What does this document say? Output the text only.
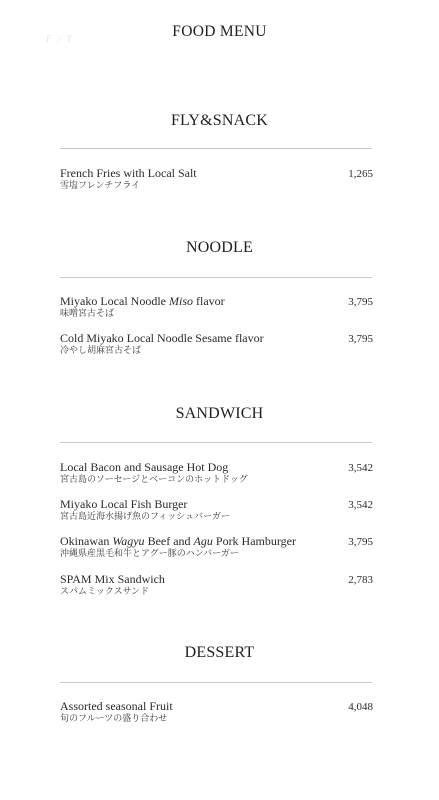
F / T	FOOD MENU
FLY&SNACK
French Fries with Local Salt
雪塩フレンチフライ
1,265
NOODLE
Miyako Local Noodle Miso flavor
味噌宮古そば
3,795
Cold Miyako Local Noodle Sesame flavor
冷やし胡麻宮古そば
3,795
SANDWICH
Local Bacon and Sausage Hot Dog
宮古島のソーセージとベーコンのホットドッグ
3,542
Miyako Local Fish Burger
宮古島近海水揚げ魚のフィッシュバーガー
3,542
Okinawan Wagyu Beef and Agu Pork Hamburger
沖縄県産黒毛和牛とアグー豚のハンバーガー
3,795
SPAM Mix Sandwich
スパムミックスサンド
2,783
DESSERT
Assorted seasonal Fruit
旬のフルーツの盛り合わせ
4,048
